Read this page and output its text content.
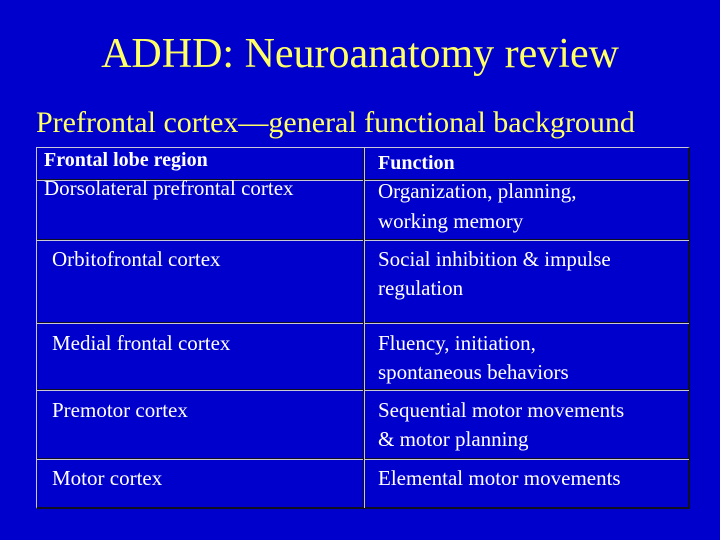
ADHD: Neuroanatomy review
Prefrontal cortex—general functional background
Frontal lobe region	Function
Dorsolateral prefrontal cortex	Organization, planning,
working memory
Orbitofrontal cortex	Social inhibition & impulse
regulation
Medial frontal cortex	Fluency, initiation,
spontaneous behaviors
Premotor cortex	Sequential motor movements
& motor planning
Motor cortex	Elemental motor movements
